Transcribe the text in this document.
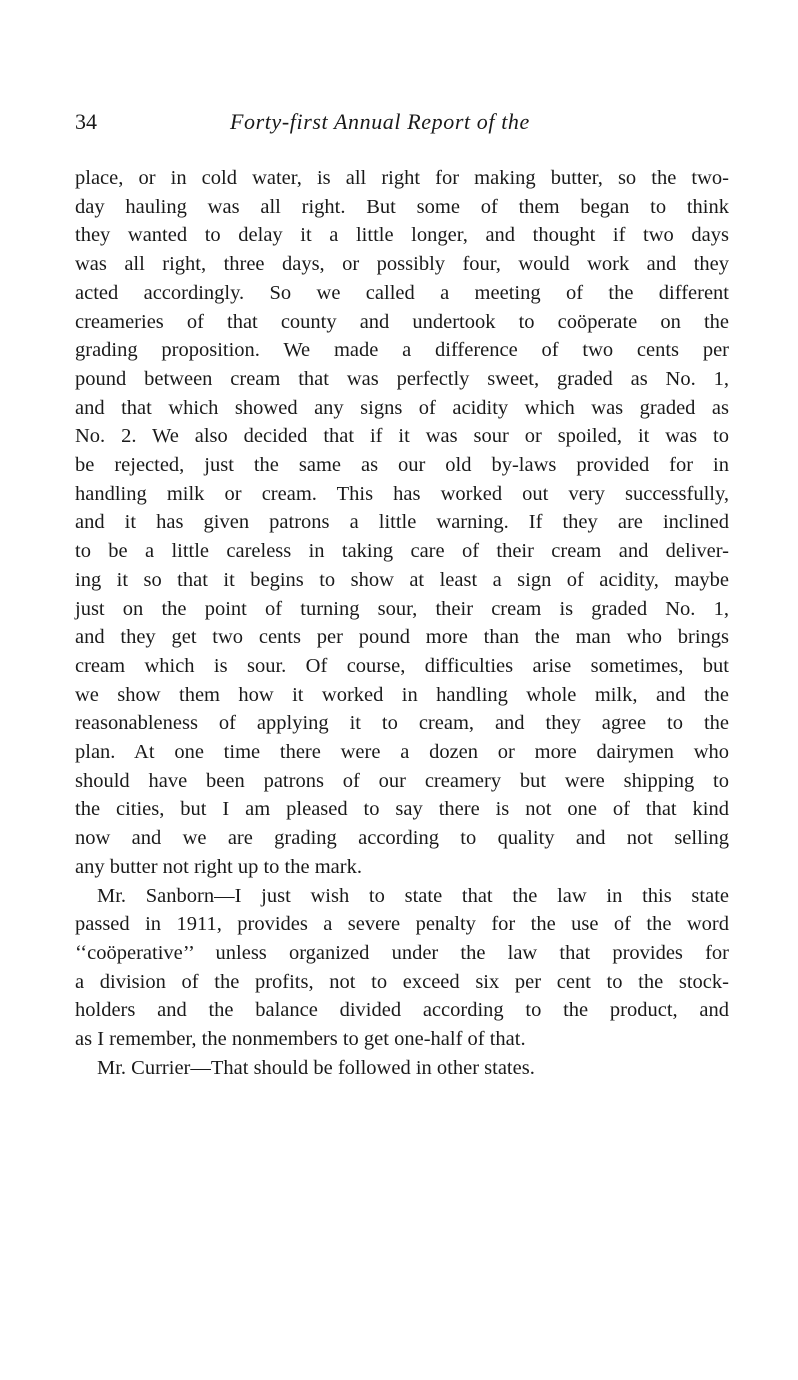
34	Forty-first Annual Report of the

place, or in cold water, is all right for making butter, so the two-
day hauling was all right. But some of them began to think
they wanted to delay it a little longer, and thought if two days
was all right, three days, or possibly four, would work and they
acted accordingly. So we called a meeting of the different
creameries of that county and undertook to coöperate on the
grading proposition. We made a difference of two cents per
pound between cream that was perfectly sweet, graded as No. 1,
and that which showed any signs of acidity which was graded as
No. 2. We also decided that if it was sour or spoiled, it was to
be rejected, just the same as our old by-laws provided for in
handling milk or cream. This has worked out very successfully,
and it has given patrons a little warning. If they are inclined
to be a little careless in taking care of their cream and deliver-
ing it so that it begins to show at least a sign of acidity, maybe
just on the point of turning sour, their cream is graded No. 1,
and they get two cents per pound more than the man who brings
cream which is sour. Of course, difficulties arise sometimes, but
we show them how it worked in handling whole milk, and the
reasonableness of applying it to cream, and they agree to the
plan. At one time there were a dozen or more dairymen who
should have been patrons of our creamery but were shipping to
the cities, but I am pleased to say there is not one of that kind
now and we are grading according to quality and not selling
any butter not right up to the mark.

Mr. Sanborn—I just wish to state that the law in this state
passed in 1911, provides a severe penalty for the use of the word
‘‘coöperative’’ unless organized under the law that provides for
a division of the profits, not to exceed six per cent to the stock-
holders and the balance divided according to the product, and
as I remember, the nonmembers to get one-half of that.

Mr. Currier—That should be followed in other states.
